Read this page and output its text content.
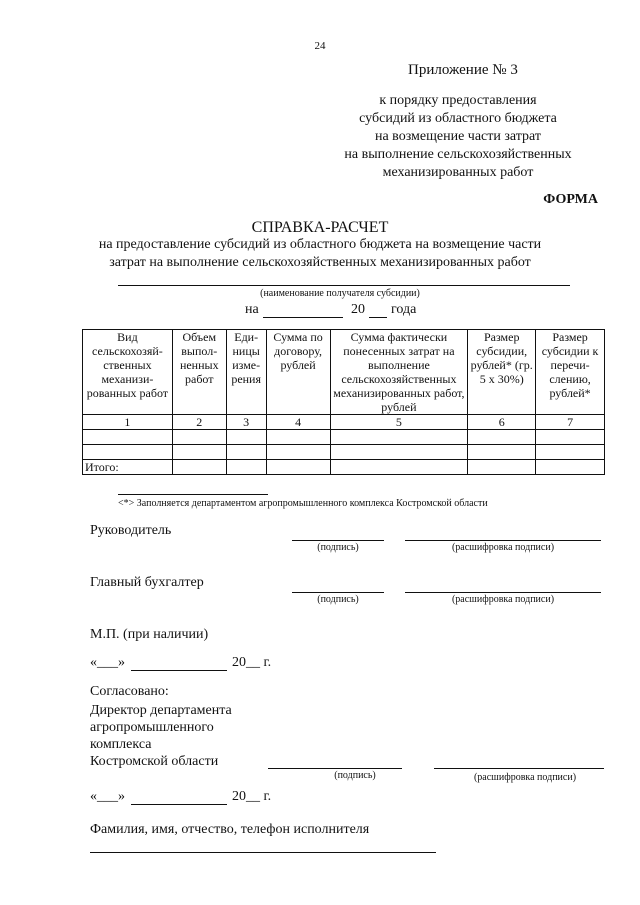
24
Приложение № 3
к порядку предоставления
субсидий из областного бюджета
на возмещение части затрат
на выполнение сельскохозяйственных
механизированных работ
ФОРМА
СПРАВКА-РАСЧЕТ
на предоставление субсидий из областного бюджета на возмещение части
затрат на выполнение сельскохозяйственных механизированных работ
(наименование получателя субсидии)
на	20 года
Вид сельскохозяй- ственных механизи- рованных работ	Объем выпол- ненных работ	Еди- ницы изме- рения	Сумма по договору, рублей	Сумма фактически понесенных затрат на выполнение сельскохозяйственных механизированных работ, рублей	Размер субсидии, рублей* (гр. 5 х 30%)	Размер субсидии к перечи- слению, рублей*
1	2	3	4	5	6	7

Итого:						
<*> Заполняется департаментом агропромышленного комплекса Костромской области
Руководитель
(подпись)	(расшифровка подписи)
Главный бухгалтер
(подпись)	(расшифровка подписи)
М.П. (при наличии)
«___»	20__ г.
Согласовано:
Директор департамента
агропромышленного
комплекса
Костромской области
(подпись)	(расшифровка подписи)
«___»	20__ г.
Фамилия, имя, отчество, телефон исполнителя
